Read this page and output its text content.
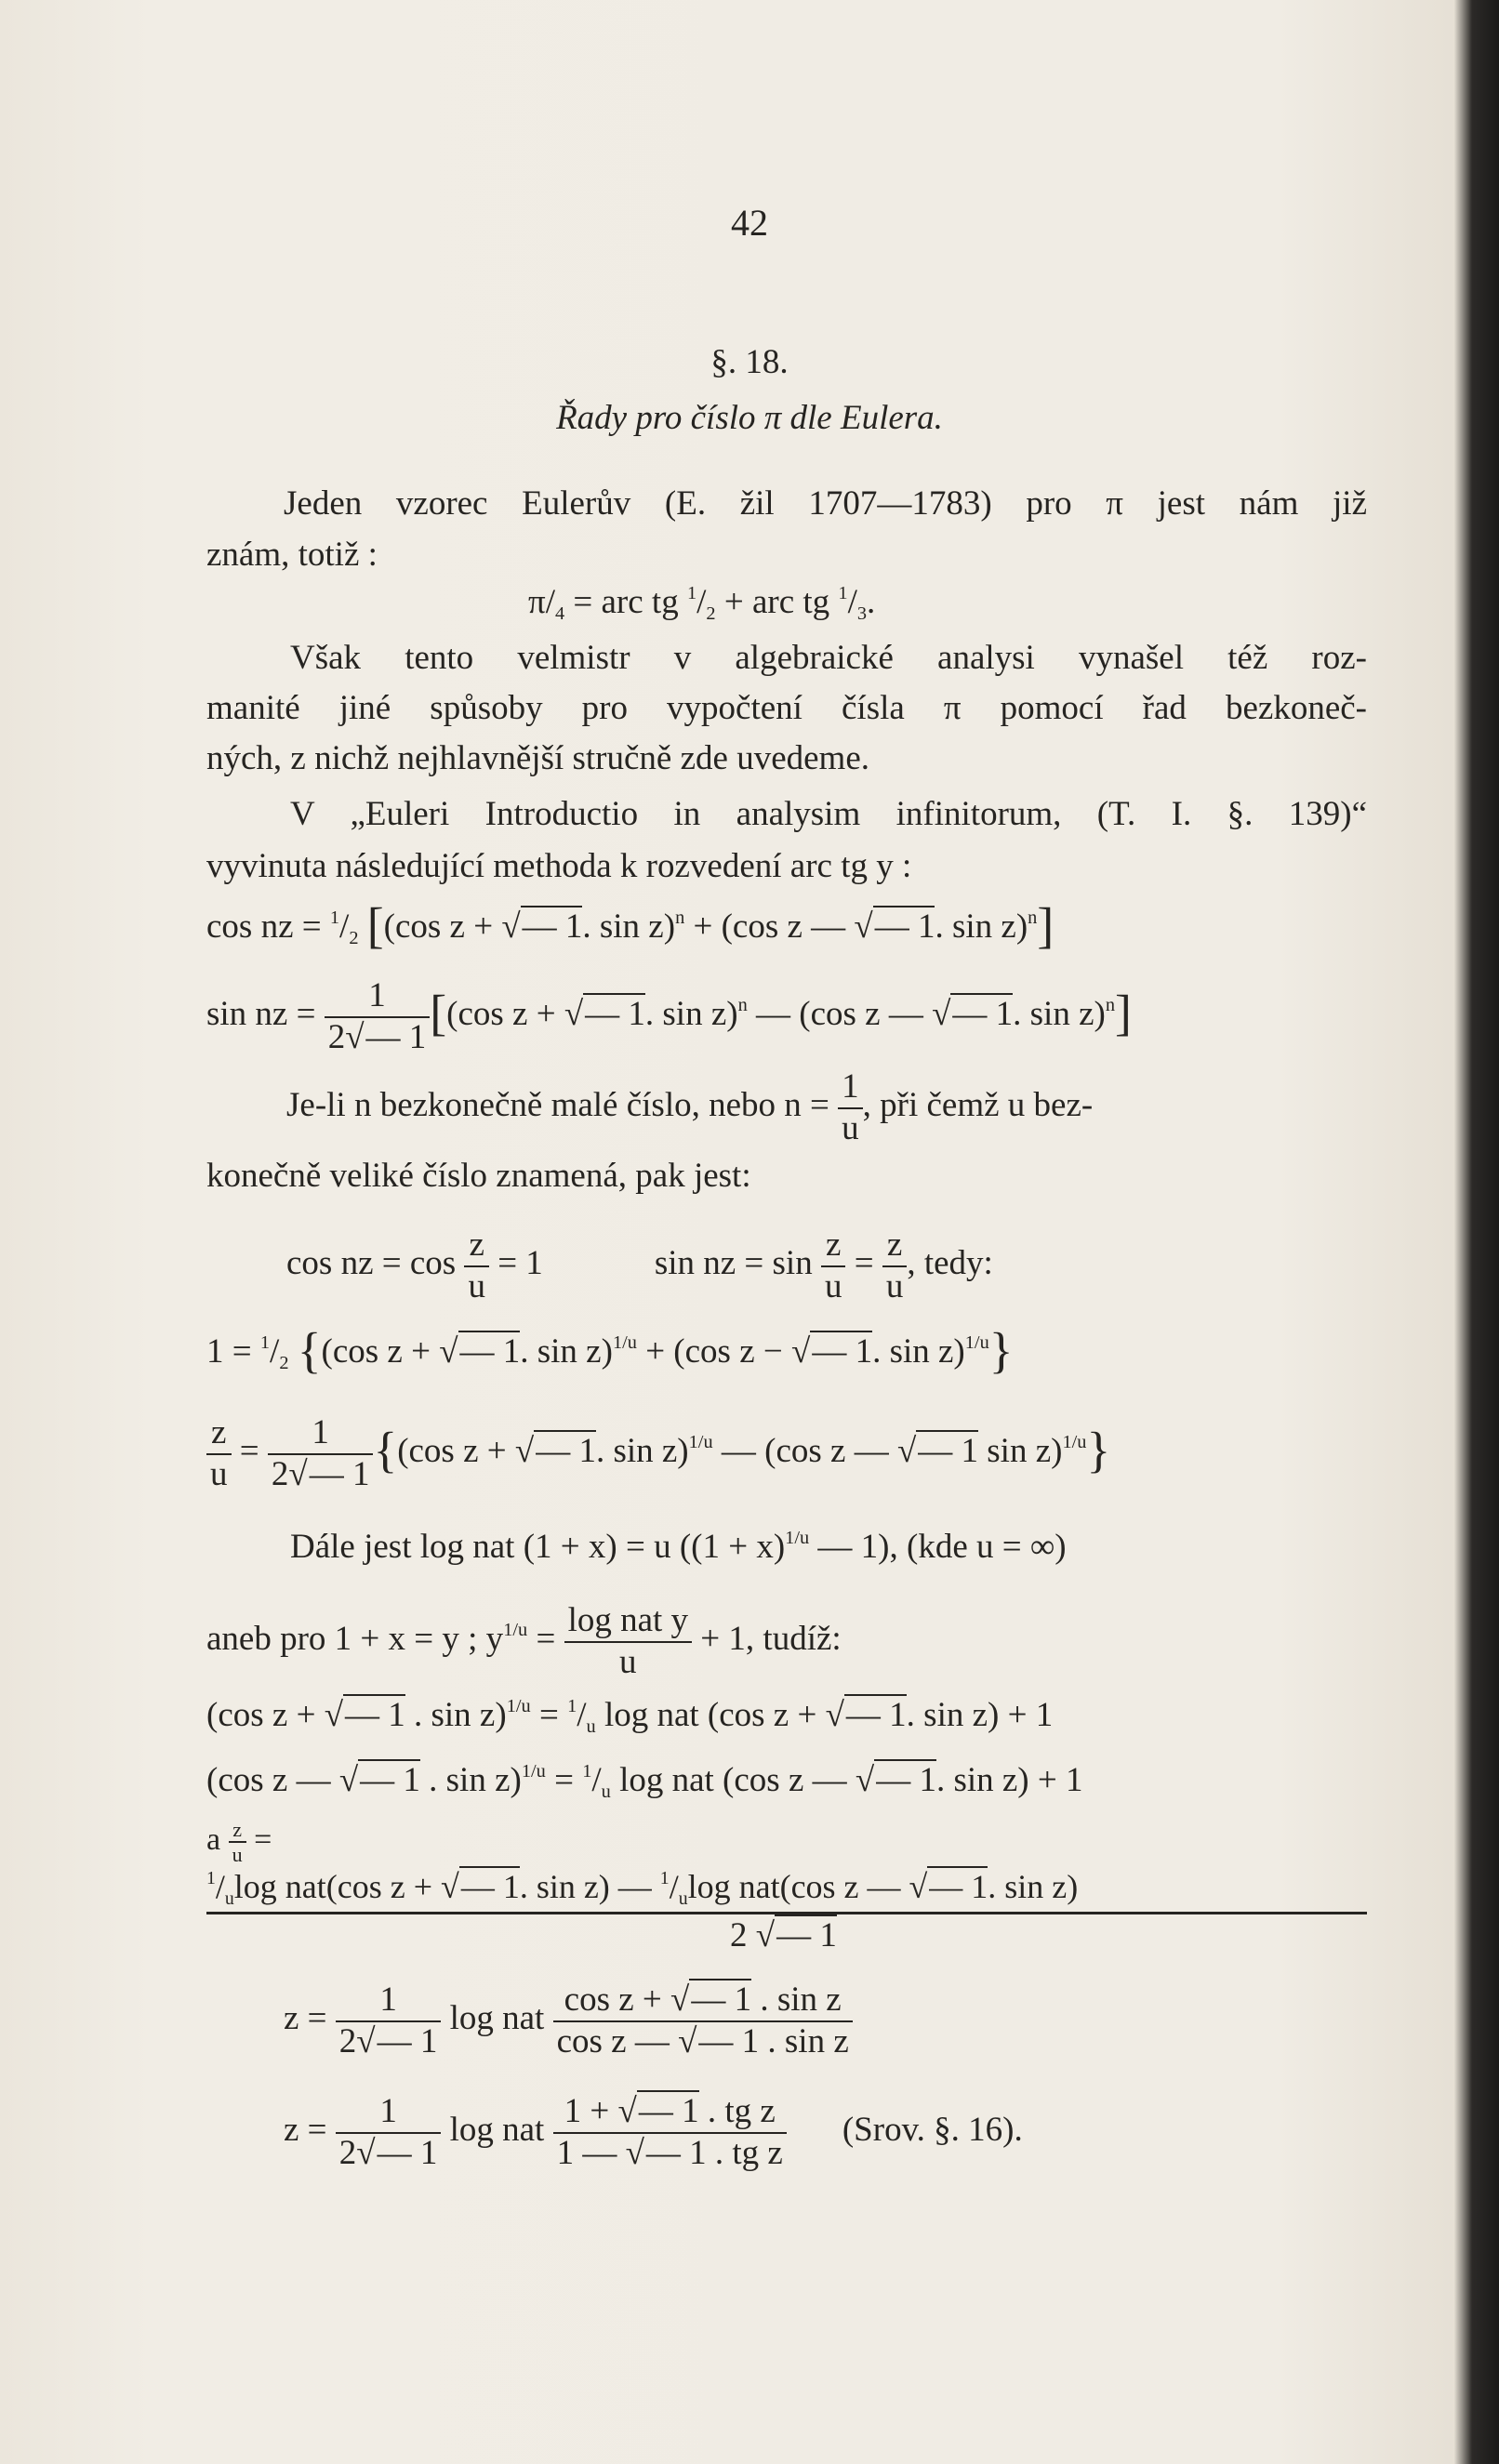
42
§. 18.
Řady pro číslo π dle Eulera.
Jeden vzorec Eulerův (E. žil 1707—1783) pro π jest nám již
znám, totiž :
$\pi/_4$ = arc tg $^1/_2$ + arc tg $^1/_3$.
Však tento velmistr v algebraické analysi vynašel též roz-
manité jiné spůsoby pro vypočtení čísla π pomocí řad bezkoneč-
ných, z nichž nejhlavnější stručně zde uvedeme.
V „Euleri Introductio in analysim infinitorum, (T. I. §. 139)“
vyvinuta následující methoda k rozvedení arc tg y :
cos nz = $^1/_2$ [(cos z + √— 1. sin z)$^n$ + (cos z — √— 1. sin z)$^n$]
sin nz = $\frac{1}{2√— 1} [(\cos$ z + √— 1. sin z)$^n$ — (cos z — √— 1. sin z)$^n$]
Je-li n bezkonečně malé číslo, nebo $n = \frac{1}{u}$ , při čemž u bez-
konečně veliké číslo znamená, pak jest:
cos nz = $\cos \frac{z}{u} = 1$	sin nz = $\sin \frac{z}{u} = \frac{z}{u}$ , tedy:
$1 = ^1/_2$ {(cos z + √— 1. sin z)$^{1/u}$ + (cos z − √— 1. sin z)$^{1/u}$}
$\frac{z}{u} = \frac{1}{2√— 1} \{(\cos$ z + √— 1. sin z)$^{1/u}$ — (cos z — √— 1 sin z)$^{1/u}$}
Dále jest log nat (1 + x) = u ($(1 + x)^{1/u}$ — 1), (kde u = ∞)
aneb pro 1 + x = y ; $y^{1/u} = \log$ nat y
u
+ 1, tudíž:
(cos z + √— 1 . $\sin z)^{1/u} = ^1/_u$ log nat (cos z + √— 1. sin z) + 1
(cos z — √— 1 . $\sin z)^{1/u} = ^1/_u$ log nat (cos z — √— 1. sin z) + 1
a $\frac{z}{u}$ =
$^1/_u\log$ nat(cos z + √— 1. sin z) — $^1/_u\log$ nat(cos z — √— 1. sin z)
2 √— 1
$z = \frac{1}{2√— 1}$ log nat $\frac{\text{cos z + √— 1 . sin z}}{\text{cos z — √— 1 . sin z}}$
$z = \frac{1}{2√— 1}$ log nat $\frac{\text{1 + √— 1 . tg z}}{\text{1 — √— 1 . tg z}}$ (Srov. §. 16).
